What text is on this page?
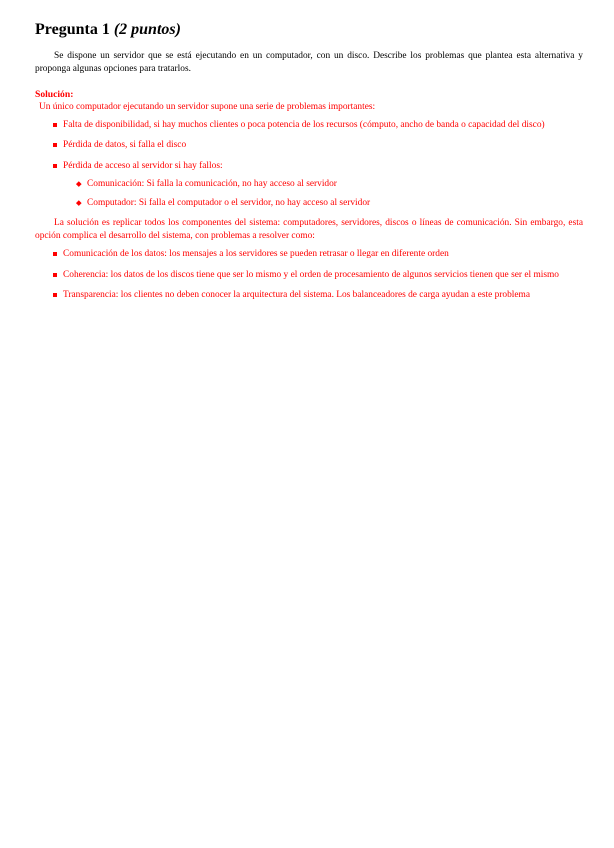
Pregunta 1 (2 puntos)

Se dispone un servidor que se está ejecutando en un computador, con un disco. Describe los problemas que plantea esta alternativa y proponga algunas opciones para tratarlos.

Solución:

Un único computador ejecutando un servidor supone una serie de problemas importantes:

Falta de disponibilidad, si hay muchos clientes o poca potencia de los recursos (cómputo, ancho de banda o capacidad del disco)
Pérdida de datos, si falla el disco
Pérdida de acceso al servidor si hay fallos:
Comunicación: Si falla la comunicación, no hay acceso al servidor
Computador: Si falla el computador o el servidor, no hay acceso al servidor

La solución es replicar todos los componentes del sistema: computadores, servidores, discos o líneas de comunicación. Sin embargo, esta opción complica el desarrollo del sistema, con problemas a resolver como:

Comunicación de los datos: los mensajes a los servidores se pueden retrasar o llegar en diferente orden
Coherencia: los datos de los discos tiene que ser lo mismo y el orden de procesamiento de algunos servicios tienen que ser el mismo
Transparencia: los clientes no deben conocer la arquitectura del sistema. Los balanceadores de carga ayudan a este problema
